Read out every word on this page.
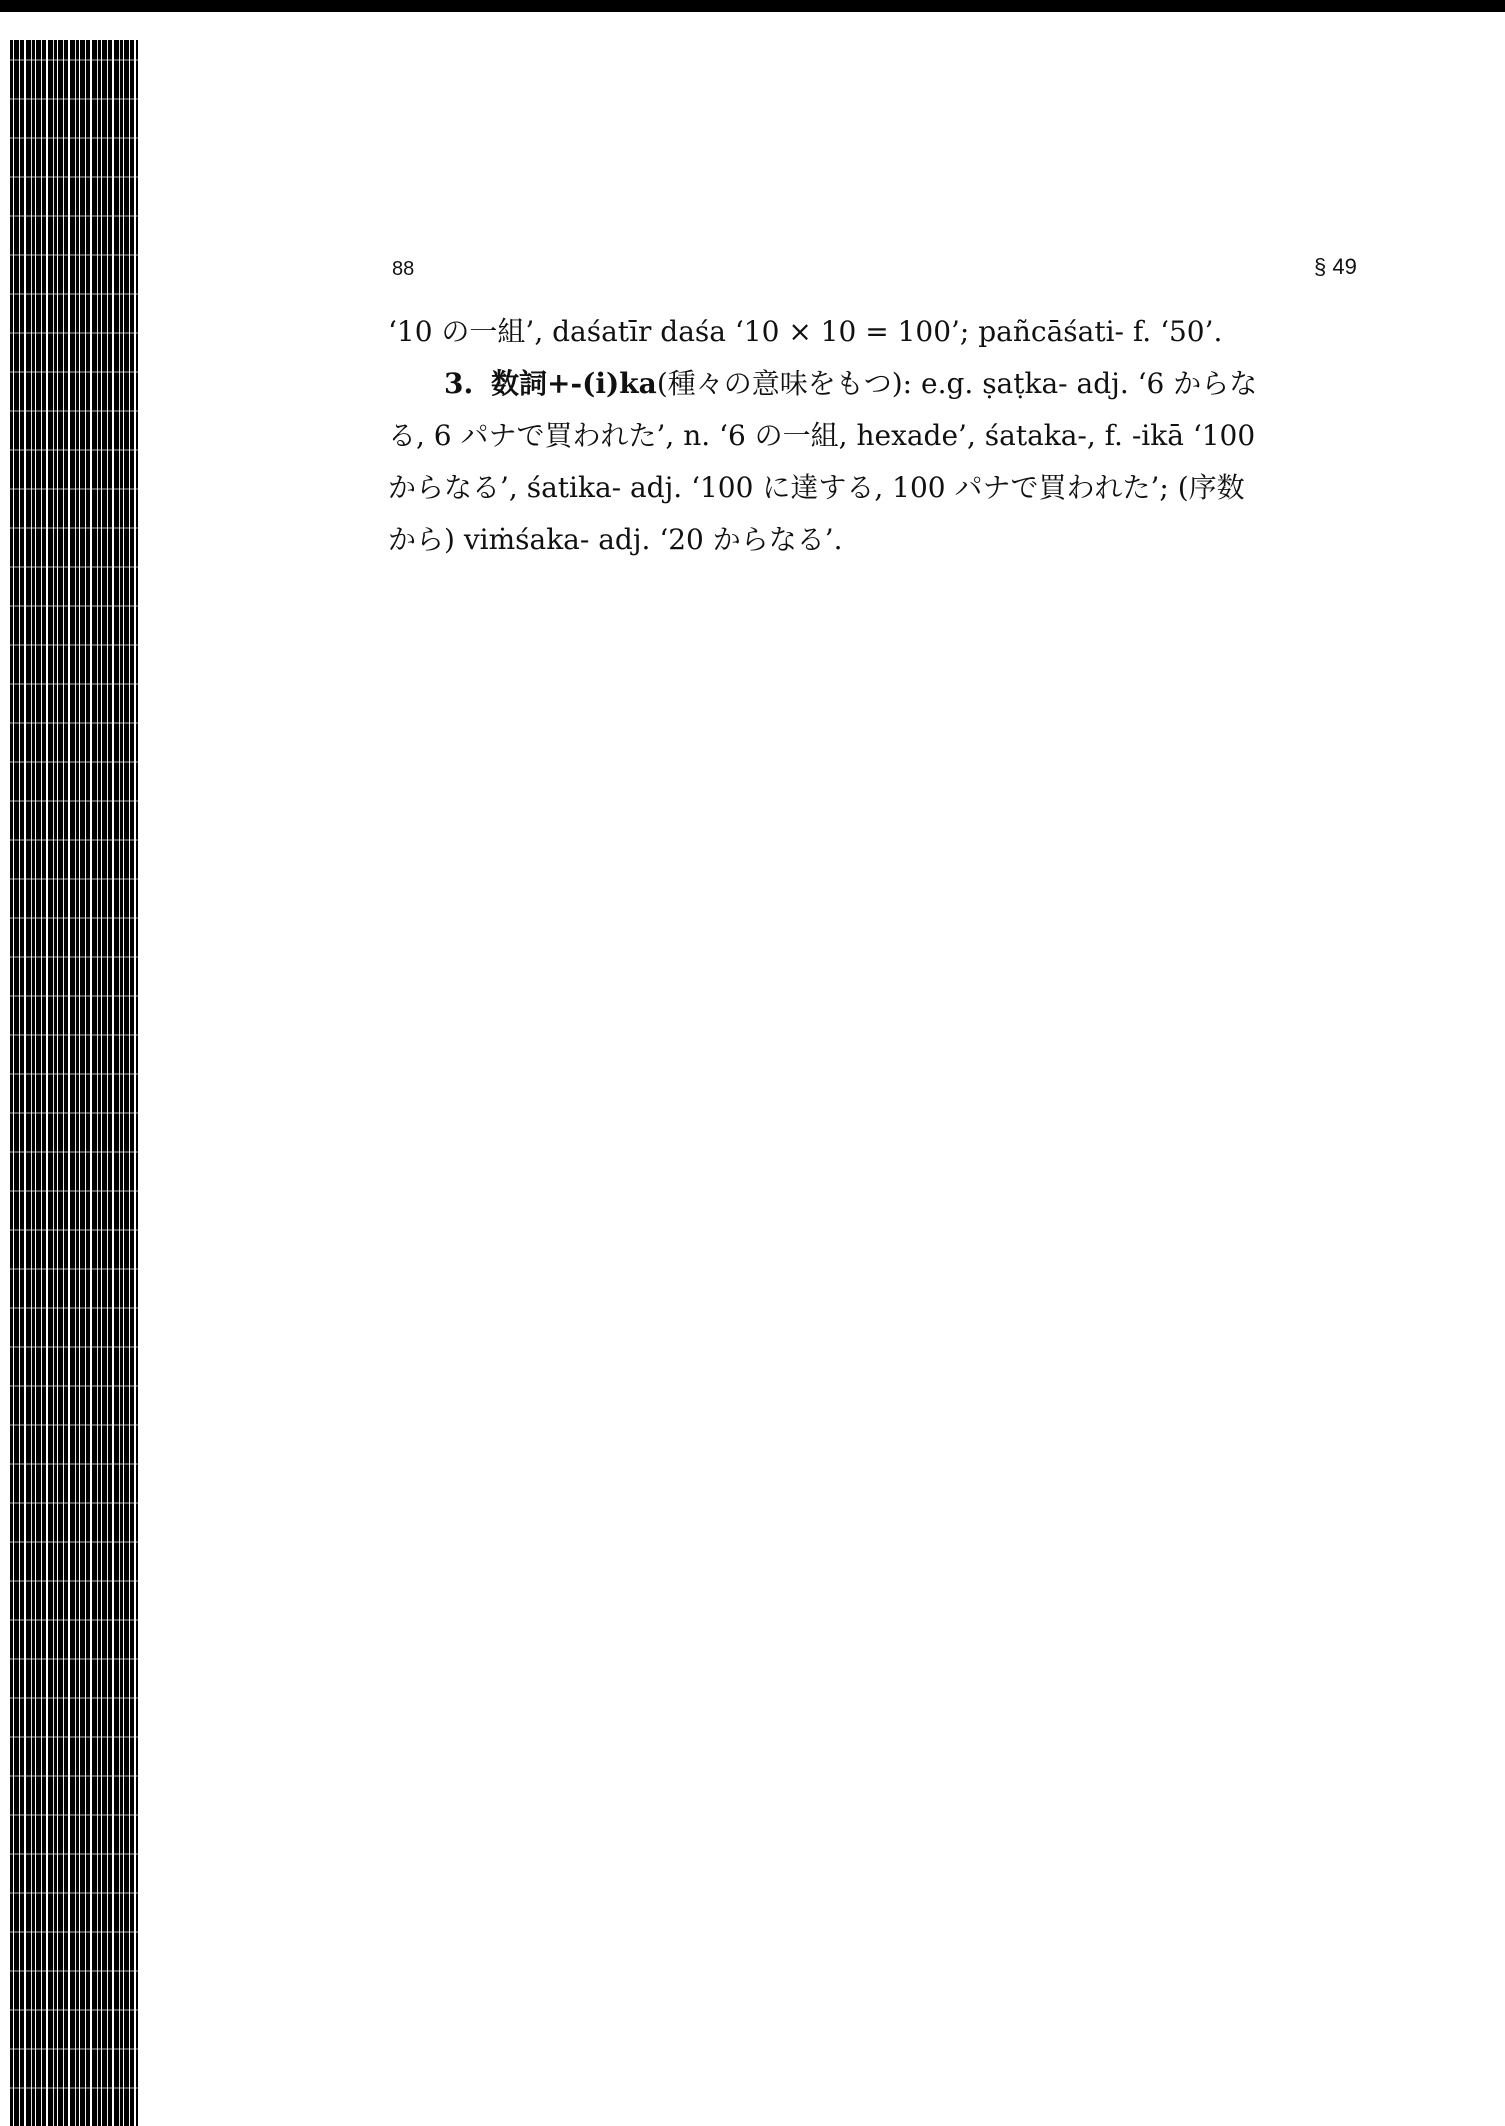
88	§ 49
‘10 の一組’, daśatīr daśa ‘10 × 10 = 100’; pañcāśati- f. ‘50’.
3. 数詞+-(i)ka(種々の意味をもつ): e.g. ṣaṭka- adj. ‘6 からな
る, 6 パナで買われた’, n. ‘6 の一組, hexade’, śataka-, f. -ikā ‘100
からなる’, śatika- adj. ‘100 に達する, 100 パナで買われた’; (序数
から) viṁśaka- adj. ‘20 からなる’.
